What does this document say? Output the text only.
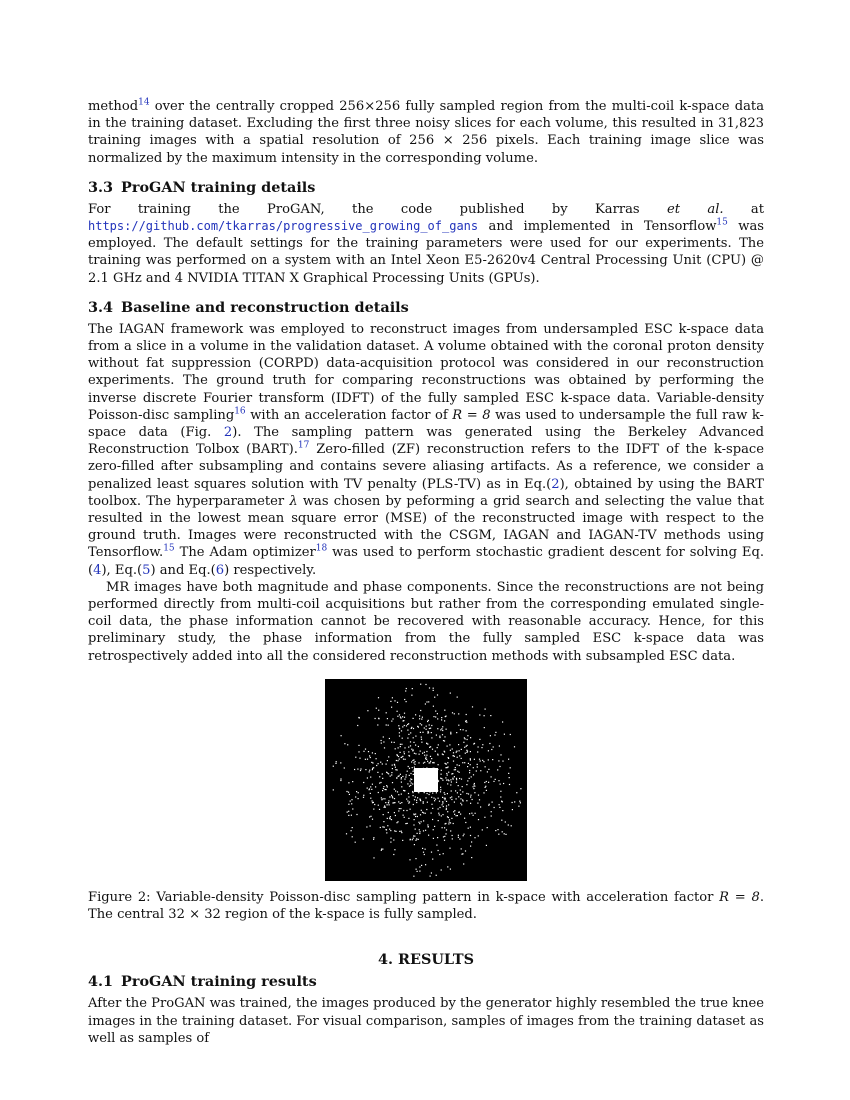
method$^{14}$ over the centrally cropped 256×256 fully sampled region from the multi-coil k-space data in the training dataset. Excluding the first three noisy slices for each volume, this resulted in 31,823 training images with a spatial resolution of 256 × 256 pixels. Each training image slice was normalized by the maximum intensity in the corresponding volume.

3.3 ProGAN training details

For training the ProGAN, the code published by Karras et al. at https://github.com/tkarras/progressive_growing_of_gans and implemented in Tensorflow$^{15}$ was employed. The default settings for the training parameters were used for our experiments. The training was performed on a system with an Intel Xeon E5-2620v4 Central Processing Unit (CPU) @ 2.1 GHz and 4 NVIDIA TITAN X Graphical Processing Units (GPUs).

3.4 Baseline and reconstruction details

The IAGAN framework was employed to reconstruct images from undersampled ESC k-space data from a slice in a volume in the validation dataset. A volume obtained with the coronal proton density without fat suppression (CORPD) data-acquisition protocol was considered in our reconstruction experiments. The ground truth for comparing reconstructions was obtained by performing the inverse discrete Fourier transform (IDFT) of the fully sampled ESC k-space data. Variable-density Poisson-disc sampling$^{16}$ with an acceleration factor of R = 8 was used to undersample the full raw k-space data (Fig. 2). The sampling pattern was generated using the Berkeley Advanced Reconstruction Tolbox (BART).$^{17}$ Zero-filled (ZF) reconstruction refers to the IDFT of the k-space zero-filled after subsampling and contains severe aliasing artifacts. As a reference, we consider a penalized least squares solution with TV penalty (PLS-TV) as in Eq.(2), obtained by using the BART toolbox. The hyperparameter λ was chosen by peforming a grid search and selecting the value that resulted in the lowest mean square error (MSE) of the reconstructed image with respect to the ground truth. Images were reconstructed with the CSGM, IAGAN and IAGAN-TV methods using Tensorflow.$^{15}$ The Adam optimizer$^{18}$ was used to perform stochastic gradient descent for solving Eq.(4), Eq.(5) and Eq.(6) respectively.

MR images have both magnitude and phase components. Since the reconstructions are not being performed directly from multi-coil acquisitions but rather from the corresponding emulated single-coil data, the phase information cannot be recovered with reasonable accuracy. Hence, for this preliminary study, the phase information from the fully sampled ESC k-space data was retrospectively added into all the considered reconstruction methods with subsampled ESC data.

Figure 2: Variable-density Poisson-disc sampling pattern in k-space with acceleration factor R = 8. The central 32 × 32 region of the k-space is fully sampled.

4. RESULTS
4.1 ProGAN training results

After the ProGAN was trained, the images produced by the generator highly resembled the true knee images in the training dataset. For visual comparison, samples of images from the training dataset as well as samples of
